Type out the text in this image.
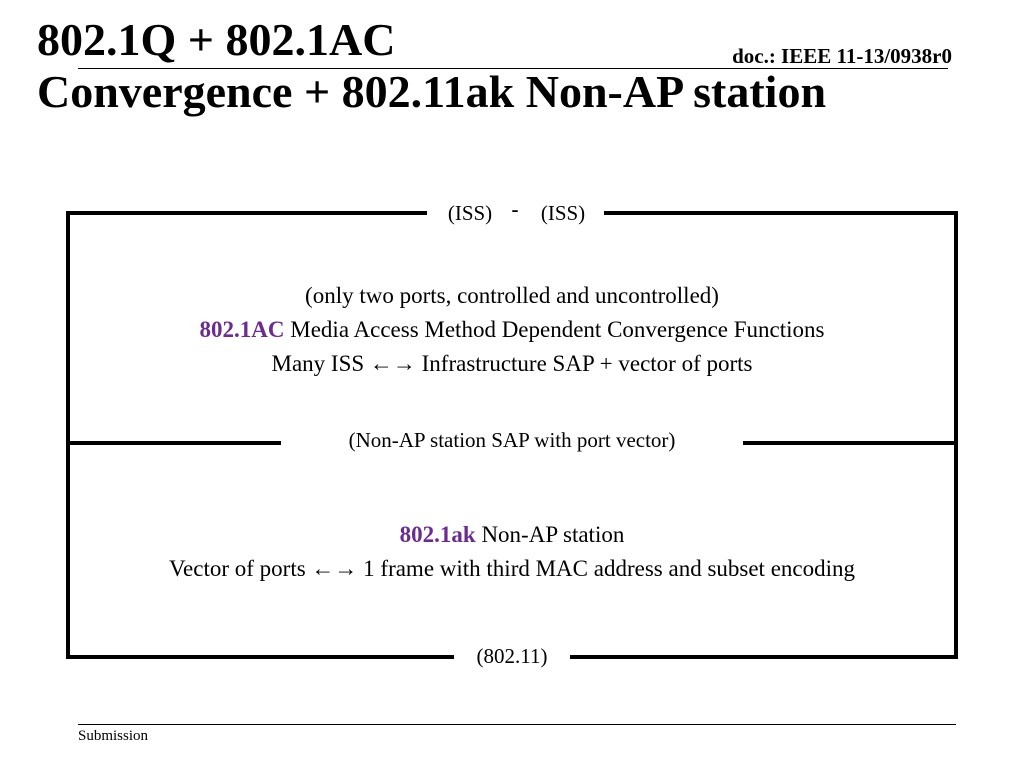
802.1Q + 802.1AC
Convergence + 802.11ak Non-AP station
doc.: IEEE 11-13/0938r0
(ISS) - (ISS)
(only two ports, controlled and uncontrolled)
802.1AC Media Access Method Dependent Convergence Functions
Many ISS ←→ Infrastructure SAP + vector of ports
(Non-AP station SAP with port vector)
802.1ak Non-AP station
Vector of ports ←→ 1 frame with third MAC address and subset encoding
(802.11)
Submission
